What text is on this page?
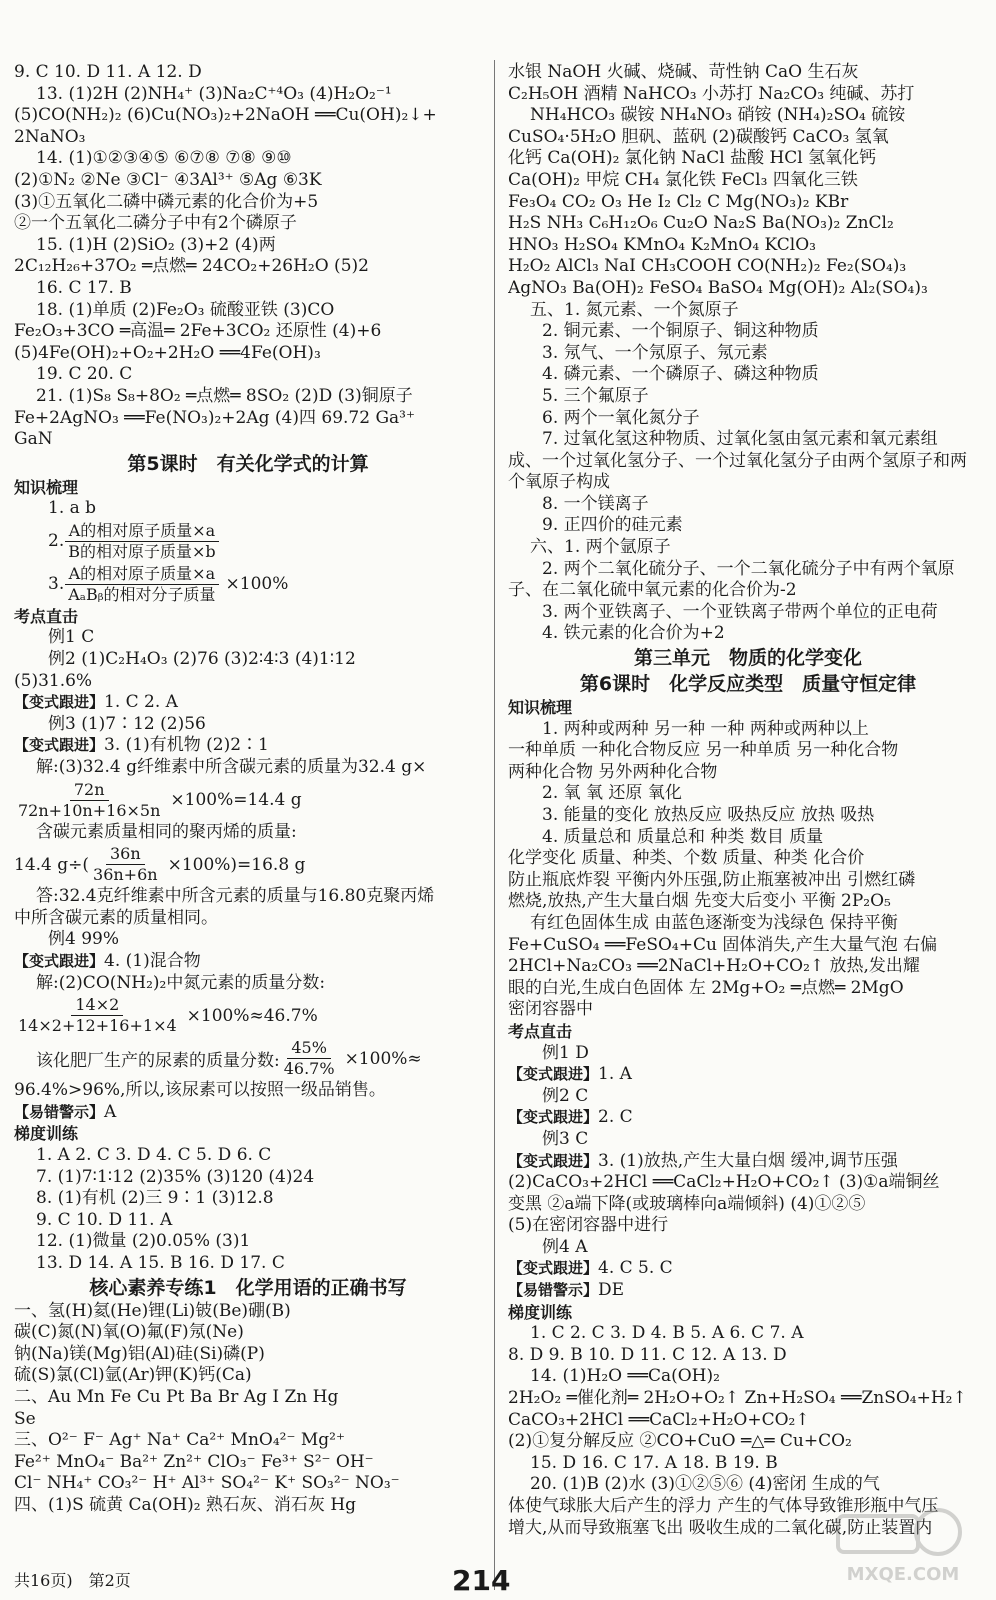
9. C 10. D 11. A 12. D
13. (1)2H (2)NH₄⁺ (3)Na₂C⁺⁴O₃ (4)H₂O₂⁻¹
(5)CO(NH₂)₂ (6)Cu(NO₃)₂+2NaOH ══Cu(OH)₂↓+
2NaNO₃
14. (1)①②③④⑤ ⑥⑦⑧ ⑦⑧ ⑨⑩
(2)①N₂ ②Ne ③Cl⁻ ④3Al³⁺ ⑤Ag ⑥3K
(3)①五氧化二磷中磷元素的化合价为+5
②一个五氧化二磷分子中有2个磷原子
15. (1)H (2)SiO₂ (3)+2 (4)两
2C₁₂H₂₆+37O₂ ═点燃═ 24CO₂+26H₂O (5)2
16. C 17. B
18. (1)单质 (2)Fe₂O₃ 硫酸亚铁 (3)CO
Fe₂O₃+3CO ═高温═ 2Fe+3CO₂ 还原性 (4)+6
(5)4Fe(OH)₂+O₂+2H₂O ══4Fe(OH)₃
19. C 20. C
21. (1)S₈ S₈+8O₂ ═点燃═ 8SO₂ (2)D (3)铜原子
Fe+2AgNO₃ ══Fe(NO₃)₂+2Ag (4)四 69.72 Ga³⁺
GaN
第5课时　有关化学式的计算
知识梳理
1. a b
2. $\frac{\text{A的相对原子质量×a}}{\text{B的相对原子质量×b}}$
3. $\frac{\text{A的相对原子质量×a}}{\text{AₐBᵦ的相对分子质量}} \times 100\%$
考点直击
例1 C
例2 (1)C₂H₄O₃ (2)76 (3)2∶4∶3 (4)1∶12
(5)31.6%
【变式跟进】1. C 2. A
例3 (1)7∶12 (2)56
【变式跟进】3. (1)有机物 (2)2∶1
解:(3)32.4 g纤维素中所含碳元素的质量为32.4 g×
$\frac{72n}{72n+10n+16\times 5n} \times 100\%=14.4$ g
含碳元素质量相同的聚丙烯的质量:
14.4 $g\div( \frac{36n}{36n+6n} \times 100\%)=16.8$ g
答:32.4克纤维素中所含元素的质量与16.80克聚丙烯
中所含碳元素的质量相同。
例4 99%
【变式跟进】4. (1)混合物
解:(2)CO(NH₂)₂中氮元素的质量分数:
$\frac{14\times 2}{14\times 2+12+16+1\times 4} \times 100\%\approx 46.7\%$
该化肥厂生产的尿素的质量分数: $\frac{45\%}{46.7\%} \times 100\%\approx$
96.4%>96%,所以,该尿素可以按照一级品销售。
【易错警示】A
梯度训练
1. A 2. C 3. D 4. C 5. D 6. C
7. (1)7∶1∶12 (2)35% (3)120 (4)24
8. (1)有机 (2)三 9∶1 (3)12.8
9. C 10. D 11. A
12. (1)微量 (2)0.05% (3)1
13. D 14. A 15. B 16. D 17. C
核心素养专练1　化学用语的正确书写
一、氢(H)氦(He)锂(Li)铍(Be)硼(B)
碳(C)氮(N)氧(O)氟(F)氖(Ne)
钠(Na)镁(Mg)铝(Al)硅(Si)磷(P)
硫(S)氯(Cl)氩(Ar)钾(K)钙(Ca)
二、Au Mn Fe Cu Pt Ba Br Ag I Zn Hg
Se
三、O²⁻ F⁻ Ag⁺ Na⁺ Ca²⁺ MnO₄²⁻ Mg²⁺
Fe²⁺ MnO₄⁻ Ba²⁺ Zn²⁺ ClO₃⁻ Fe³⁺ S²⁻ OH⁻
Cl⁻ NH₄⁺ CO₃²⁻ H⁺ Al³⁺ SO₄²⁻ K⁺ SO₃²⁻ NO₃⁻
四、(1)S 硫黄 Ca(OH)₂ 熟石灰、消石灰 Hg
水银 NaOH 火碱、烧碱、苛性钠 CaO 生石灰
C₂H₅OH 酒精 NaHCO₃ 小苏打 Na₂CO₃ 纯碱、苏打
NH₄HCO₃ 碳铵 NH₄NO₃ 硝铵 (NH₄)₂SO₄ 硫铵
CuSO₄·5H₂O 胆矾、蓝矾 (2)碳酸钙 CaCO₃ 氢氧
化钙 Ca(OH)₂ 氯化钠 NaCl 盐酸 HCl 氢氧化钙
Ca(OH)₂ 甲烷 CH₄ 氯化铁 FeCl₃ 四氧化三铁
Fe₃O₄ CO₂ O₃ He I₂ Cl₂ C Mg(NO₃)₂ KBr
H₂S NH₃ C₆H₁₂O₆ Cu₂O Na₂S Ba(NO₃)₂ ZnCl₂
HNO₃ H₂SO₄ KMnO₄ K₂MnO₄ KClO₃
H₂O₂ AlCl₃ NaI CH₃COOH CO(NH₂)₂ Fe₂(SO₄)₃
AgNO₃ Ba(OH)₂ FeSO₄ BaSO₄ Mg(OH)₂ Al₂(SO₄)₃
五、1. 氮元素、一个氮原子
2. 铜元素、一个铜原子、铜这种物质
3. 氖气、一个氖原子、氖元素
4. 磷元素、一个磷原子、磷这种物质
5. 三个氟原子
6. 两个一氧化氮分子
7. 过氧化氢这种物质、过氧化氢由氢元素和氧元素组
成、一个过氧化氢分子、一个过氧化氢分子由两个氢原子和两
个氧原子构成
8. 一个镁离子
9. 正四价的硅元素
六、1. 两个氩原子
2. 两个二氧化硫分子、一个二氧化硫分子中有两个氧原
子、在二氧化硫中氧元素的化合价为-2
3. 两个亚铁离子、一个亚铁离子带两个单位的正电荷
4. 铁元素的化合价为+2
第三单元　物质的化学变化
第6课时　化学反应类型　质量守恒定律
知识梳理
1. 两种或两种 另一种 一种 两种或两种以上
一种单质 一种化合物反应 另一种单质 另一种化合物
两种化合物 另外两种化合物
2. 氧 氧 还原 氧化
3. 能量的变化 放热反应 吸热反应 放热 吸热
4. 质量总和 质量总和 种类 数目 质量
化学变化 质量、种类、个数 质量、种类 化合价
防止瓶底炸裂 平衡内外压强,防止瓶塞被冲出 引燃红磷
燃烧,放热,产生大量白烟 先变大后变小 平衡 2P₂O₅
有红色固体生成 由蓝色逐渐变为浅绿色 保持平衡
Fe+CuSO₄ ══FeSO₄+Cu 固体消失,产生大量气泡 右偏
2HCl+Na₂CO₃ ══2NaCl+H₂O+CO₂↑ 放热,发出耀
眼的白光,生成白色固体 左 2Mg+O₂ ═点燃═ 2MgO
密闭容器中
考点直击
例1 D
【变式跟进】1. A
例2 C
【变式跟进】2. C
例3 C
【变式跟进】3. (1)放热,产生大量白烟 缓冲,调节压强
(2)CaCO₃+2HCl ══CaCl₂+H₂O+CO₂↑ (3)①a端铜丝
变黑 ②a端下降(或玻璃棒向a端倾斜) (4)①②⑤
(5)在密闭容器中进行
例4 A
【变式跟进】4. C 5. C
【易错警示】DE
梯度训练
1. C 2. C 3. D 4. B 5. A 6. C 7. A
8. D 9. B 10. D 11. C 12. A 13. D
14. (1)H₂O ══Ca(OH)₂
2H₂O₂ ═催化剂═ 2H₂O+O₂↑ Zn+H₂SO₄ ══ZnSO₄+H₂↑
CaCO₃+2HCl ══CaCl₂+H₂O+CO₂↑
(2)①复分解反应 ②CO+CuO ═△═ Cu+CO₂
15. D 16. C 17. A 18. B 19. B
20. (1)B (2)水 (3)①②⑤⑥ (4)密闭 生成的气
体使气球胀大后产生的浮力 产生的气体导致锥形瓶中气压
增大,从而导致瓶塞飞出 吸收生成的二氧化碳,防止装置内
共16页)　第2页	214	MXQE.COM
